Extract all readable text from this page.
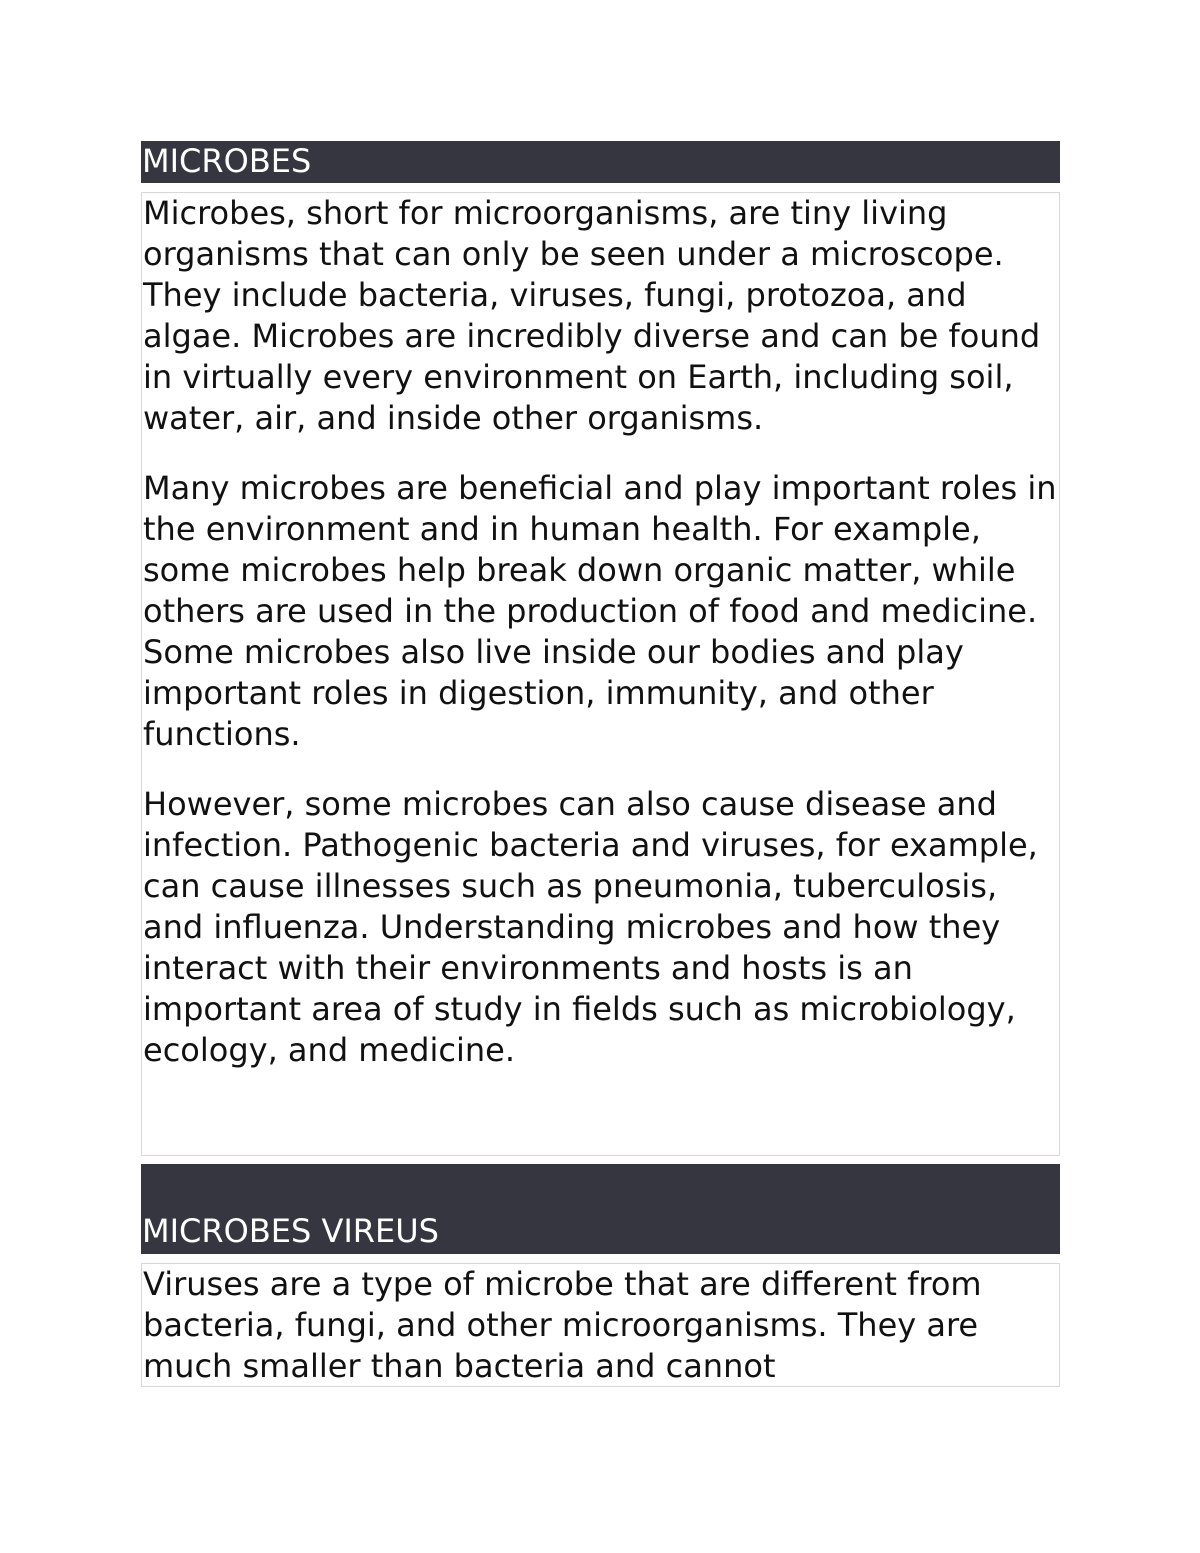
MICROBES

Microbes, short for microorganisms, are tiny living organisms that can only be seen under a microscope. They include bacteria, viruses, fungi, protozoa, and algae. Microbes are incredibly diverse and can be found in virtually every environment on Earth, including soil, water, air, and inside other organisms.

Many microbes are beneficial and play important roles in the environment and in human health. For example, some microbes help break down organic matter, while others are used in the production of food and medicine. Some microbes also live inside our bodies and play important roles in digestion, immunity, and other functions.

However, some microbes can also cause disease and infection. Pathogenic bacteria and viruses, for example, can cause illnesses such as pneumonia, tuberculosis, and influenza. Understanding microbes and how they interact with their environments and hosts is an important area of study in fields such as microbiology, ecology, and medicine.

MICROBES VIREUS

Viruses are a type of microbe that are different from bacteria, fungi, and other microorganisms. They are much smaller than bacteria and cannot
